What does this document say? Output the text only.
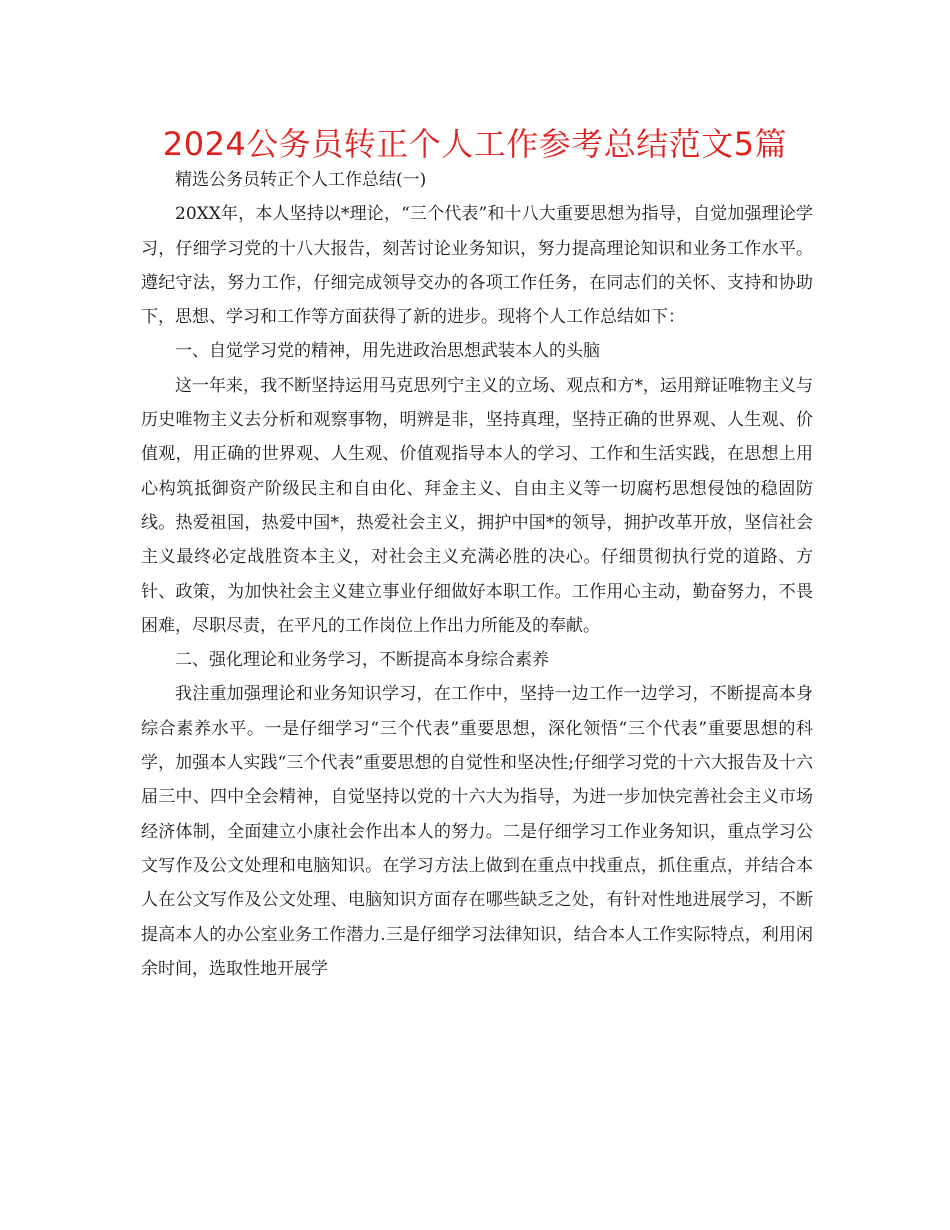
2024公务员转正个人工作参考总结范文5篇

精选公务员转正个人工作总结(一)

20XX年，本人坚持以*理论，“三个代表”和十八大重要思想为指导，自觉加强理论学习，仔细学习党的十八大报告，刻苦讨论业务知识，努力提高理论知识和业务工作水平。遵纪守法，努力工作，仔细完成领导交办的各项工作任务，在同志们的关怀、支持和协助下，思想、学习和工作等方面获得了新的进步。现将个人工作总结如下：

一、自觉学习党的精神，用先进政治思想武装本人的头脑

这一年来，我不断坚持运用马克思列宁主义的立场、观点和方*，运用辩证唯物主义与历史唯物主义去分析和观察事物，明辨是非，坚持真理，坚持正确的世界观、人生观、价值观，用正确的世界观、人生观、价值观指导本人的学习、工作和生活实践，在思想上用心构筑抵御资产阶级民主和自由化、拜金主义、自由主义等一切腐朽思想侵蚀的稳固防线。热爱祖国，热爱中国*，热爱社会主义，拥护中国*的领导，拥护改革开放，坚信社会主义最终必定战胜资本主义，对社会主义充满必胜的决心。仔细贯彻执行党的道路、方针、政策，为加快社会主义建立事业仔细做好本职工作。工作用心主动，勤奋努力，不畏困难，尽职尽责，在平凡的工作岗位上作出力所能及的奉献。

二、强化理论和业务学习，不断提高本身综合素养

我注重加强理论和业务知识学习，在工作中，坚持一边工作一边学习，不断提高本身综合素养水平。一是仔细学习“三个代表”重要思想，深化领悟“三个代表”重要思想的科学，加强本人实践“三个代表”重要思想的自觉性和坚决性;仔细学习党的十六大报告及十六届三中、四中全会精神，自觉坚持以党的十六大为指导，为进一步加快完善社会主义市场经济体制，全面建立小康社会作出本人的努力。二是仔细学习工作业务知识，重点学习公文写作及公文处理和电脑知识。在学习方法上做到在重点中找重点，抓住重点，并结合本人在公文写作及公文处理、电脑知识方面存在哪些缺乏之处，有针对性地进展学习，不断提高本人的办公室业务工作潜力.三是仔细学习法律知识，结合本人工作实际特点，利用闲余时间，选取性地开展学
